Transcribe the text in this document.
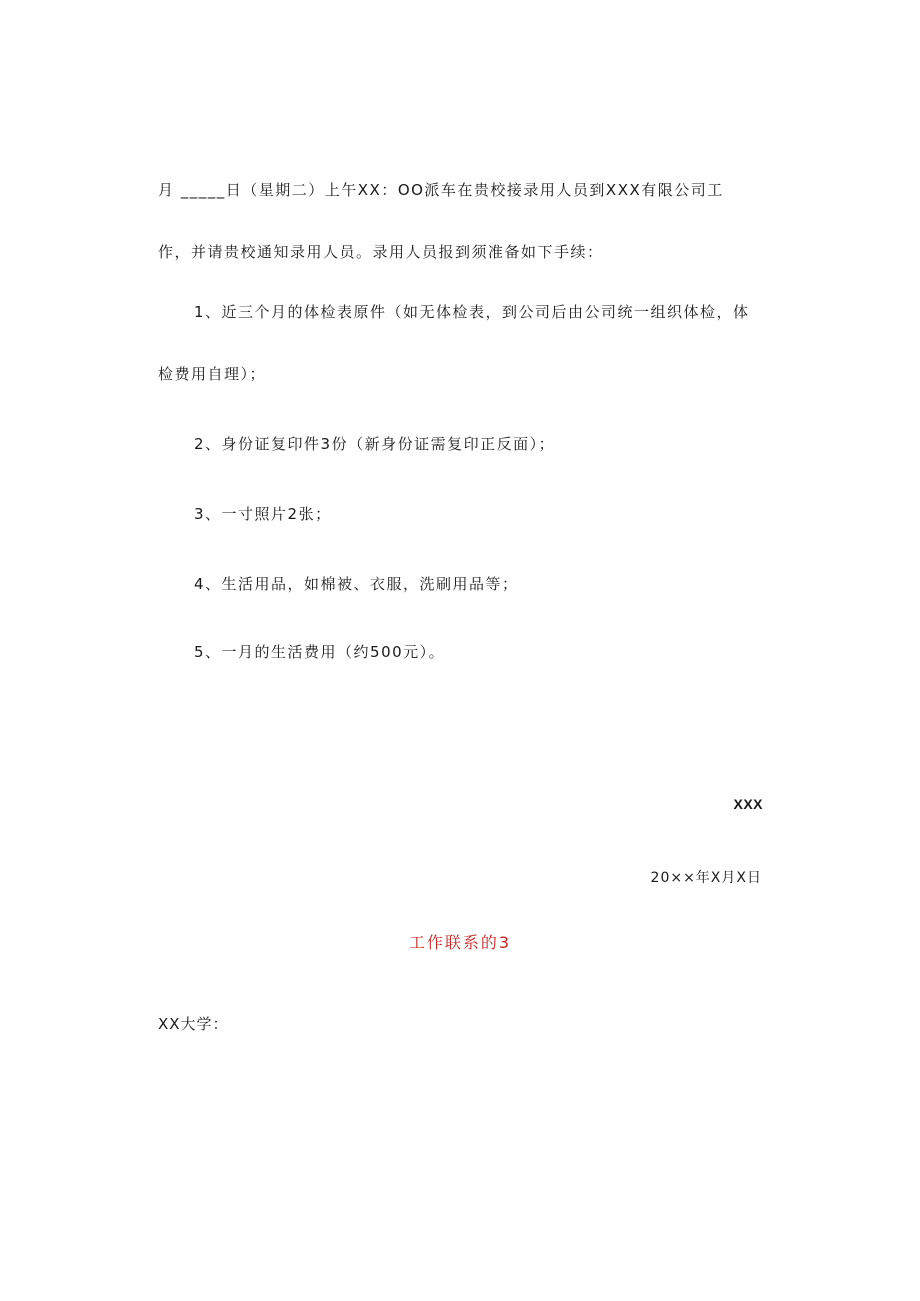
月 _____日（星期二）上午XX：OO派车在贵校接录用人员到XXX有限公司工
作，并请贵校通知录用人员。录用人员报到须准备如下手续：
1、近三个月的体检表原件（如无体检表，到公司后由公司统一组织体检，体
检费用自理）；
2、身份证复印件3份（新身份证需复印正反面）；
3、一寸照片2张；
4、生活用品，如棉被、衣服，洗刷用品等；
5、一月的生活费用（约500元）。
XXX
20××年X月X日
工作联系的3
XX大学：
